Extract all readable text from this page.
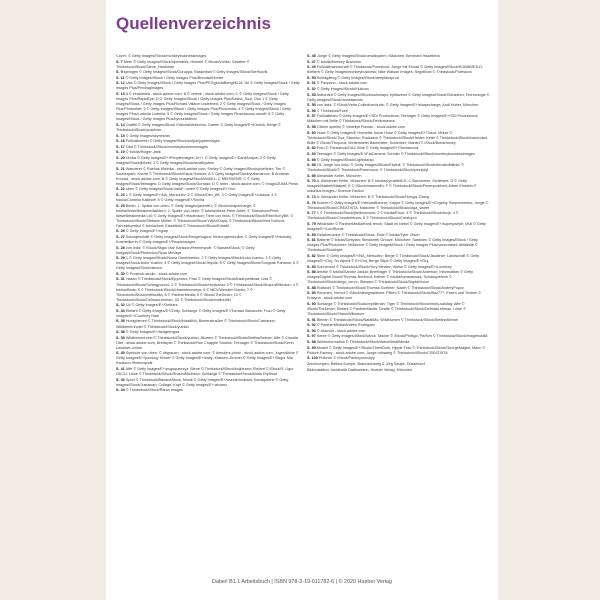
Quellenverzeichnis
Cover: © Getty Images/iStock/monkeybusinessimages
S. 7 Meer © Getty Images/iStock/apomares; Himmel © iStock/Vorika; Gewitter © Thinkstock/iStock/Steve_Hardiman
S. 9 springen © Getty Images/iStock/Goruppa; Basketball © Getty Images/iStock/SerrNovik
S. 11 © Getty Images/iStock / Getty Images Plus/BrendanHunter
S. 12 Usa © Getty Images/iStock / Getty Images Plus/PEGgiuntaBengt/KLM; Üri © Getty Images/iStock / Getty Images Plus/Predragimages
S. 13 A © zeaiamaia - stock.adobe.com; B © velimir - stock.adobe.com; C © Getty Images/iStock / Getty Images Plus/RapidEye; D © Getty Images/iStock / Getty Images Plus/Sasha_Suzi; Osu 1 © Getty Images/iStock / Getty Images Plus/Richard Villalon undefined; 2 © Getty Images/iStock / Getty Images Plus/Photoobet; 3 © Getty Images/iStock / Getty Images Plus/Photomick; 4 © Getty Images/iStock / Getty Images Plus/Ludmila Ludmila; 5 © Getty Images/iStock / Getty Images Plus/ntaurus-sesoft; 6 © Getty Images/iStock / Getty Images Plus/bymuratdeniz
S. 14 Graffiti © Getty Images/iStock Editorial/Anticcios; Garten © Getty Images/E+/Kerrick; Berge © Thinkstock/iStock/ycashner
S. 15 © Getty Images/skynesher
S. 16 Fußballverein © Getty Images/iStock/pidjoe/juptermages
S. 17 Oba © Thinkstock/iStock/monkeybusinessimages
S. 19 © fotolia/Holger Jank
S. 20 Üroba © Getty Images/E+/Peopleimages; Üri + © Getty Images/E+/DanilAndjus; 2 © Getty Images/iStock/jbforst; 3 © Getty Images/iStock/small/ystem
S. 21 Wanderer © Ruexas Malinka - stock.adobe.com; Smiley © Getty Images/iStock/pixelleter; Tier © Saurierpark; Kirche © Thinkstock/iStock/Klaus Holitzer; A © Getty images/iStock/yuliamarcov; B Andreas Konrad - stock.adobe.com; B © Getty Images/iStock/vlaDEL; C MEISSENR; C © Getty Images/iStock/Irtimages; D Getty Images/iStock/Gorrado; D © fotes - stock.adobe.com; © Imago/ZUMA Press
S. 22 oben © Getty Images/iStock/JackF; unten © Getty Images/E+/Yuri
S. 23 1 © Getty Images/E+/NA_Merkuriev; 2 © iStock/Okn_Wt; 3 © Getty Images/E+/ozlawa; 4 © fotolia/Cornelia Kalkhoff; 5 © Getty Images/E+/Sncha
S. 25 Berlin: 1. Spalte von oben: © Getty Images/jacente1; © iStock/shapecharge; © fotolia/WaveBreakmediaMicro; 2. Spalte von oben: © fotolia/Alexa-Peter Adler; © Thinkstock/Pixel; WaveBreakmedia Ltd; © Getty Images/E+/Hadenson; Tiere von links: © Thinkstock/iStock/RbbVtIcKyBK; © Thinkstock/iStock/Stefanie Müller; © Thinkstock/iStock/YWAKDaya; © Thinkstock/iStock/Irina Kahova; Fahrradsymbol © fotolia/tunt; Eiszeitbild © Thinkstock/iStock/EdnaM
S. 26 © Getty Images/E+/xgrap
S. 27 Schulgeschäft © Getty Images/iStock/Sedgehogica; Heizungstechniker © Getty Images/E+/mbmdkj; Kosmetikerin © Getty Images/E+/Peopleimages
S. 28 von links: © iStock/Stigur Mar Karlsson/Heimmyndir; © BananaStock; © Getty Images/iStock/Photoolov/Ryan McVaye
S. 29 1 © Getty Images/iStock/Nonia Omelchenko; 2 © Getty Images/iStock/Lubo Ivanko; 3 © Getty Images/iStock/Amin Yusifov; 4 © Getty Images/iStock/Jmyots; 5 © Getty Images/iStock/Songsak Paname; 6 © Getty Images/iStock/ukmon
S. 30 © Prostock-studio - stock.adobe.com
S. 31 Hasan © Thinkstock/iStock/Epyzomo; Frau © Getty Images/iStock/lusanpettkowi; Lisa © Thinkstock/iStock/Schlagpuzoro; 2 © Thinkstock/iStock/repticanal; 3 © Thinkstock/iStock/ShaunWilkinson; 4 © fotolia/Bade; 5 © Thinkstock/iStock/chameleonseye; 6 © MEV/Wendler Martin; 7 © Thinkstock/iStock/meltoutfld; 8 © PantherMedia; 9 © iStock/TheDman; 10 © Thinkstock/iStock/DelmasLehman; Ü2 © Thinkstock/iStock/meltoutfld
S. 32 Ü4 © Getty Images/E+/Delbars
S. 34 Elefant © Getty Images/E+/Zetty; Schlange © Getty Images/E+/Tomasz Banaczek; Frau © Getty Images/E+/Courtney Hale
S. 36 Honigbienen © Thinkstock/iStock/NataliMo; Bienenstraßen © Thinkstock/iStock/Carrianne; Wildbienenhotel © Thinkstock/iStock/yuelan
S. 38 © Getty Images/E+/hedgehogsa
S. 39 Wildbienenhotel © Thinkstock/iStock/yuelan; Blumen © Thinkstock/iStock/BettinaSeimer; Affe © Claudia Otte - stock.adobe.com; Brettspiel © Thinkstock/Ron Chapple Studios; Teenager © Thinkstock/iStock/Kevin Landwer-Johan
S. 40 Symbole von oben: © dbgrauen - stock.adobe.com; © blenders photo - stock.adobe.com; Jugendliche © Getty Images/E+/jcooksg; Kinder © Getty Images/E+/kaby; Klassen-Zimmer © Getty Images/E+/Stigur Mar Karlsson /Heimmyndir
S. 41 Affe © Getty Images/E+/pugsqueezyz; Biene © Thinkstock/iStock/kojihirano; Elefant © iStock/S. Ugur OKCU; Löwe © Thinkstock/iStock/ShaunWilkinson; Schlange © Thinkstock/iStock/Maria Dryfhout
S. 43 Sport © Thinkstock/BananaStock; Musik © Getty Images/E+/wunderinvicaat; Kunstgalerie © Getty Images/iStock/Justaican; Collage: Kopf © Getty Images/E+/alvarez
S. 44 © Thinkstock/iStock/Rania Images
S. 45 Junge © Getty Images/iStock/omalicydem; Mädchen: Bernhard Haselbeck
S. 47 © fotolia/Monkey Business
S. 49 Fußballmannschaft © Thinkstock/Purestock; Junge mit Einrad © Getty Images/iStock/KOBABSGLD; Klettern © Getty Images/monkeybusiness; Nike Watson Images; Segelboot © Thinkstock/Purestock
S. 50 Schlagzeug © Getty Images/iStock/deepblueprou
S. 51 © Paopano - stock.adobe.com
S. 52 © Getty Images/iStock/Kiukoon
S. 53 Astronaut © Getty Images/iStock/sshshaps; epiflazenn © Getty Images/iStock/Chiradech; Technologie © Getty Images/iStock/monstaensis
S. 55 von links: © iStock/Velta Collection/durts; © Getty Images/E+/shapecharge; Andi Huber, München
S. 56 © Thinkstock/Fuse
S. 57 Fußballteam © Getty Images/E+/SDI Productions; Teenager © Getty Images/E+/SDI Productions; Mädchen mit Brille © Thinkstock/iStock/Denkruseavs
S. 58 Gitarre spielen © Vedeliye Roman - stock.adobe.com
S. 60 Hose © Getty Images/E+/bonetta; kurze Hose © Getty Images/E+/Tokur; Mütze © Thinkstock/iStock/Tiya_Stankov; Rucksack © Thinkstock/iStock/Helder; Kette © Thinkstock/iStock/Ivanicvlad; Brille © iStock/Thopova; Winterstiefel Bachmeier, Schleitner; Mantel © iStock/Bonamoney
S. 62 Frau © Thinkstock/DAJ; Blue © Getty Images/E+/Tarchanova
S. 63 Teenager © Getty Images/E+/FatCamera; Schüler © Thinkstock/iStock/monkeybusinessimages
S. 66 © Getty Images/iStock/Lightstarsp
S. 68 O1 Junge von links: © Getty Images/iStock/Espinil; © Thinkstock/iStock/demidoffalinis; © Thinkstock/iStock/© Thinkstock/Pokemoon; © Thinkstock/iStock/pixelpzyl
S. 69 Alexander Keller, München
S. 70 A. Alexander Keller, München; B © fotolia/pyrusbildCK; C Bachmeier, Schleisee; D © Getty Images/Masket/Maskell; E © iStock/mammuth; F © Thinkstock/iStock/Pavenpolched; Albert Einstein © maurtius images / Science Faction
S. 74 A: Alexander Keller, München; B © Thinkstock/iStock/Hongqi Zhang
S. 76 Küchen © Getty Images/E+/eleveditionexe; Kappe © Getty Images/E+/Evgeniy Skripnichenko; Junge © Thinkstock/iStock/CREATISTA; Mädchen © Thinkstock/iStock/olga_sweet
S. 77 1 © Thinkstock/iStock/jtmilovanovic; 2 © fotolia/Einur; 3 © Thinkstock/iStock/lsvjk; 4 © Thinkstock/iStock/Crossfelnboss; 5 © Thinkstock/iStock/Creatopro
S. 79 Windräder © PantherMedia/frank rench; Stadt im Nebel © Getty Images/E+/superjoseph; Müll © Getty Images/E+/LordRunar
S. 80 Gefahrenzone © Thinkstock/iStock; Erde © fotolia/Tyler Olson
S. 81 Batterie © fotolia/Gettytan; Steckleiter Grouve, München; Sardinen © Getty Images/iStock / Getty Images Plus/Photobeer; Mülltonne © Getty Images/iStock / Getty Images Plus/nanuvnasef; Abfallsite © Thinkstock/Stockbyte
S. 82 Stein © Getty Images/E+/NA_Merkuliev; Berge © Thinkstock/iStock/Jacaltner; Landschaft © Getty Images/E+/Ouj; Tor Alpeni © E+/Ouj; Berge Stipa © Getty Images/E+/Ouj
S. 83 Sonnenhut © Thinkstock/iStock/Yury Minaev; Wiese © Getty Images/E+/Lovelvey
S. 86 Amelie © fotolia/Sandor Jackal; Briefträger © Thinkstock/iStock/Antemon; Informatiker © Getty Images/Digital Vision/Thomas Northcut; Kellner © fotolia/tomstatocks; Schauspielerin © Thinkstock/iStock/diego_cervo; Steward © Thinkstock/iStock/DigitalVision
S. 88 Rollstuhl © Thinkstock/iStock/Thomas Soellner; Nadel © Thinkstock/iStock/AndreyPopov
S. 89 Rauchen, Verbot © iStock/designaldtone; Pflicht © Thinkstock/iStock/Baz777; Essen und Trinken © Kristyna - stock.adobe.com
S. 90 Schlange © Thinkstock/iStock/reptilienah; Tiger © Thinkstock/iStock/melis-salldag; Affe © iStock/TheDman; Elefant © PantherMedia; Giraffe © Thinkstock/iStock/DelmasLehman; Löwe © Thinkstock/iStock/ShaunWilkinson
S. 91 Bienen © Thinkstock/iStock/NataliMo; Wildblumen © Thinkstock/iStock/BettinaSeimer
S. 92 © PantherMedia/Andres Rodriguez
S. 93 © ahavoct - stock.adobe.com
S. 97 Kerze © Getty Images/iStock/Vanui; Tasche © iStock/Philsgo; Parfüm © Thinkstock/iStock/imagehub88
S. 98 Wolkenformation © Thinkstock/iStock/WaveBreakMedia
S. 99 Modell © Getty Images/E+/StudioThreeDots; Hippie Frau © Thinkstock/iStock/GeorgeMagini; Mann © Picture-Factory - stock.adobe.com; Junge rothaarig © Thinkstock/iStock/CREATISTA
S. 100 Pullover © iStock/Pakhnyushchyy
Zeichnungen: Bettina Kumpe, Braunschweig & Jörg Saupe, Düsseldorf
Bildredaktion: Annabelle Dadinenann, Hueber Verlag, München
Dabei! B1.1 Arbeitsbuch | ISBN 978-3-19-011782-6 | © 2020 Hueber Verlag
